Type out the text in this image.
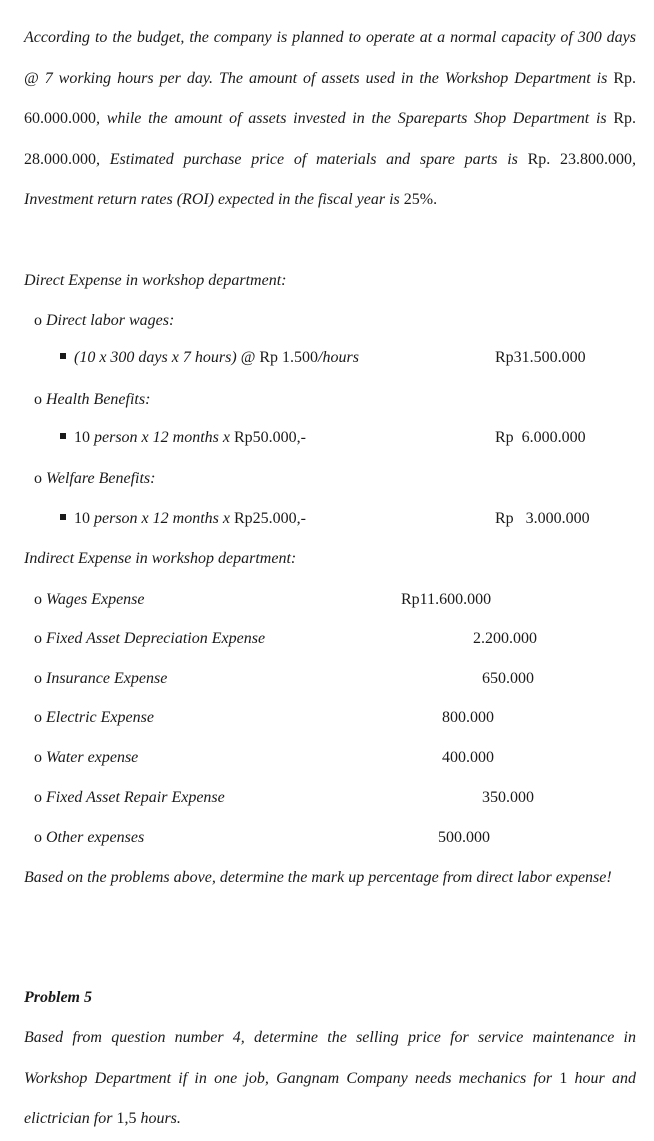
According to the budget, the company is planned to operate at a normal capacity of 300 days @ 7 working hours per day. The amount of assets used in the Workshop Department is Rp. 60.000.000, while the amount of assets invested in the Spareparts Shop Department is Rp. 28.000.000, Estimated purchase price of materials and spare parts is Rp. 23.800.000, Investment return rates (ROI) expected in the fiscal year is 25%.
Direct Expense in workshop department:
o Direct labor wages:
(10 x 300 days x 7 hours) @ Rp 1.500/hours	Rp31.500.000
o Health Benefits:
10 person x 12 months x Rp50.000,-	Rp  6.000.000
o Welfare Benefits:
10 person x 12 months x Rp25.000,-	Rp   3.000.000
Indirect Expense in workshop department:
o Wages Expense	Rp11.600.000
o Fixed Asset Depreciation Expense	2.200.000
o Insurance Expense	650.000
o Electric Expense	800.000
o Water expense	400.000
o Fixed Asset Repair Expense	350.000
o Other expenses	500.000
Based on the problems above, determine the mark up percentage from direct labor expense!
Problem 5
Based from question number 4, determine the selling price for service maintenance in Workshop Department if in one job, Gangnam Company needs mechanics for 1 hour and elictrician for 1,5 hours.
